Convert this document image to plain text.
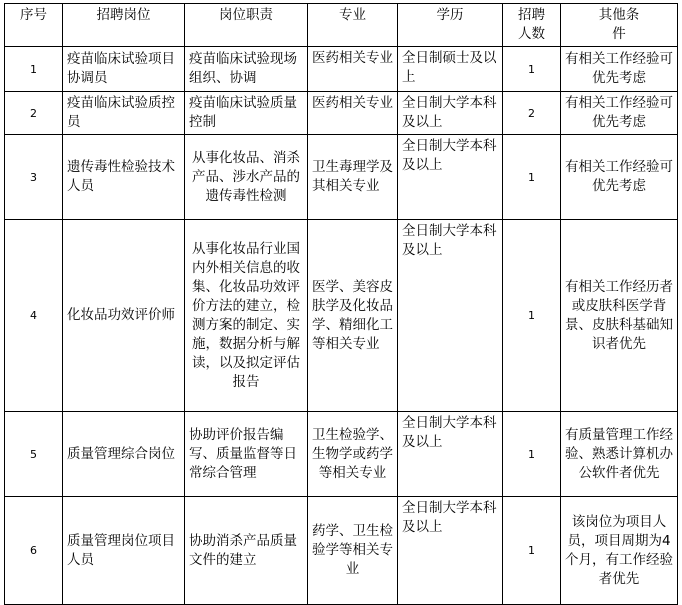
序号	招聘岗位	岗位职责	专业	学历	招聘人数	其他条件
1	疫苗临床试验项目协调员	疫苗临床试验现场组织、协调	医药相关专业	全日制硕士及以上	1	有相关工作经验可优先考虑
2	疫苗临床试验质控员	疫苗临床试验质量控制	医药相关专业	全日制大学本科及以上	2	有相关工作经验可优先考虑
3	遗传毒性检验技术人员	从事化妆品、消杀产品、涉水产品的遗传毒性检测	卫生毒理学及其相关专业	全日制大学本科及以上	1	有相关工作经验可优先考虑
4	化妆品功效评价师	从事化妆品行业国内外相关信息的收集、化妆品功效评价方法的建立，检测方案的制定、实施，数据分析与解读，以及拟定评估报告	医学、美容皮肤学及化妆品学、精细化工等相关专业	全日制大学本科及以上	1	有相关工作经历者或皮肤科医学背景、皮肤科基础知识者优先
5	质量管理综合岗位	协助评价报告编写、质量监督等日常综合管理	卫生检验学、生物学或药学等相关专业	全日制大学本科及以上	1	有质量管理工作经验、熟悉计算机办公软件者优先
6	质量管理岗位项目人员	协助消杀产品质量文件的建立	药学、卫生检验学等相关专业	全日制大学本科及以上	1	该岗位为项目人员，项目周期为4个月，有工作经验者优先
